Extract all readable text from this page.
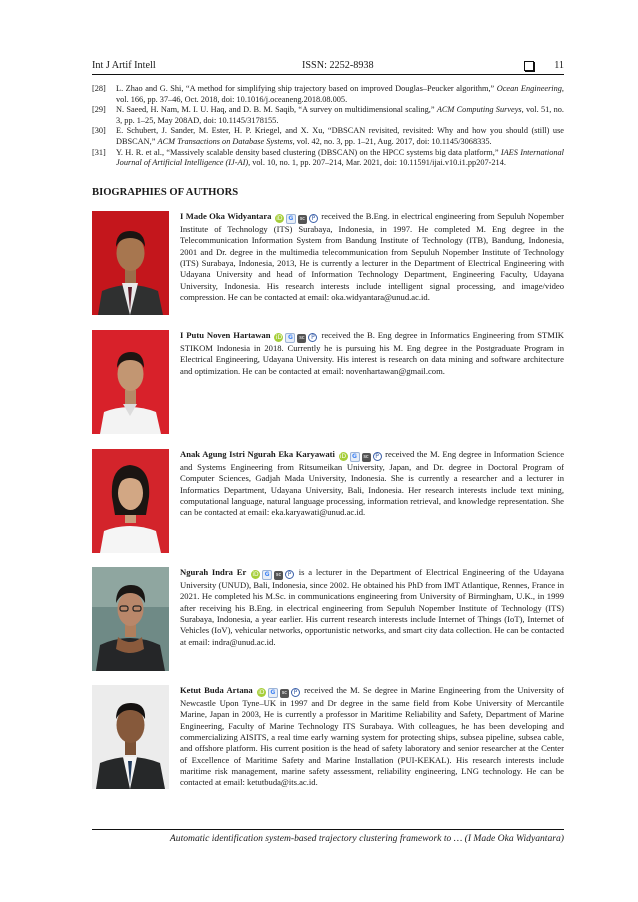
Int J Artif Intell	ISSN: 2252-8938	11
[28]	L. Zhao and G. Shi, “A method for simplifying ship trajectory based on improved Douglas–Peucker algorithm,” Ocean Engineering, vol. 166, pp. 37–46, Oct. 2018, doi: 10.1016/j.oceaneng.2018.08.005.
[29]	N. Saeed, H. Nam, M. I. U. Haq, and D. B. M. Saqib, “A survey on multidimensional scaling,” ACM Computing Surveys, vol. 51, no. 3, pp. 1–25, May 208AD, doi: 10.1145/3178155.
[30]	E. Schubert, J. Sander, M. Ester, H. P. Kriegel, and X. Xu, “DBSCAN revisited, revisited: Why and how you should (still) use DBSCAN,” ACM Transactions on Database Systems, vol. 42, no. 3, pp. 1–21, Aug. 2017, doi: 10.1145/3068335.
[31]	Y. H. R. et al., “Massively scalable density based clustering (DBSCAN) on the HPCC systems big data platform,” IAES International Journal of Artificial Intelligence (IJ-AI), vol. 10, no. 1, pp. 207–214, Mar. 2021, doi: 10.11591/ijai.v10.i1.pp207-214.
BIOGRAPHIES OF AUTHORS
I Made Oka Widyantara iD G sc P received the B.Eng. in electrical engineering from Sepuluh Nopember Institute of Technology (ITS) Surabaya, Indonesia, in 1997. He completed M. Eng degree in the Telecommunication Information System from Bandung Institute of Technology (ITB), Bandung, Indonesia, 2001 and Dr. degree in the multimedia telecommunication from Sepuluh Nopember Institute of Technology (ITS) Surabaya, Indonesia, 2013, He is currently a lecturer in the Department of Electrical Engineering with Udayana University and head of Information Technology Department, Engineering Faculty, Udayana University, Indonesia. His research interests include intelligent signal processing, and image/video compression. He can be contacted at email: oka.widyantara@unud.ac.id.
I Putu Noven Hartawan iD G sc P received the B. Eng degree in Informatics Engineering from STMIK STIKOM Indonesia in 2018. Currently he is pursuing his M. Eng degree in the Postgraduate Program in Electrical Engineering, Udayana University. His interest is research on data mining and software architecture and optimization. He can be contacted at email: novenhartawan@gmail.com.
Anak Agung Istri Ngurah Eka Karyawati iD G sc P received the M. Eng degree in Information Science and Systems Engineering from Ritsumeikan University, Japan, and Dr. degree in Doctoral Program of Computer Sciences, Gadjah Mada University, Indonesia. She is currently a researcher and a lecturer in Informatics Department, Udayana University, Bali, Indonesia. Her research interests include text mining, computational language, natural language processing, information retrieval, and knowledge representation. She can be contacted at email: eka.karyawati@unud.ac.id.
Ngurah Indra Er iD G sc P is a lecturer in the Department of Electrical Engineering of the Udayana University (UNUD), Bali, Indonesia, since 2002. He obtained his PhD from IMT Atlantique, Rennes, France in 2021. He completed his M.Sc. in communications engineering from University of Birmingham, U.K., in 1999 after receiving his B.Eng. in electrical engineering from Sepuluh Nopember Institute of Technology (ITS) Surabaya, Indonesia, a year earlier. His current research interests include Internet of Things (IoT), Internet of Vehicles (IoV), vehicular networks, opportunistic networks, and smart city data collection. He can be contacted at email: indra@unud.ac.id.
Ketut Buda Artana iD G sc P received the M. Se degree in Marine Engineering from the University of Newcastle Upon Tyne–UK in 1997 and Dr degree in the same field from Kobe University of Mercantile Marine, Japan in 2003, He is currently a professor in Maritime Reliability and Safety, Department of Marine Engineering, Faculty of Marine Technology ITS Surabaya. With colleagues, he has been developing and commercializing AISITS, a real time early warning system for protecting ships, subsea pipeline, subsea cable, and offshore platform. His current position is the head of safety laboratory and senior researcher at the Center of Excellence of Maritime Safety and Marine Installation (PUI-KEKAL). His research interests include maritime risk management, marine safety assessment, reliability engineering, LNG technology. He can be contacted at email: ketutbuda@its.ac.id.
Automatic identification system-based trajectory clustering framework to … (I Made Oka Widyantara)
